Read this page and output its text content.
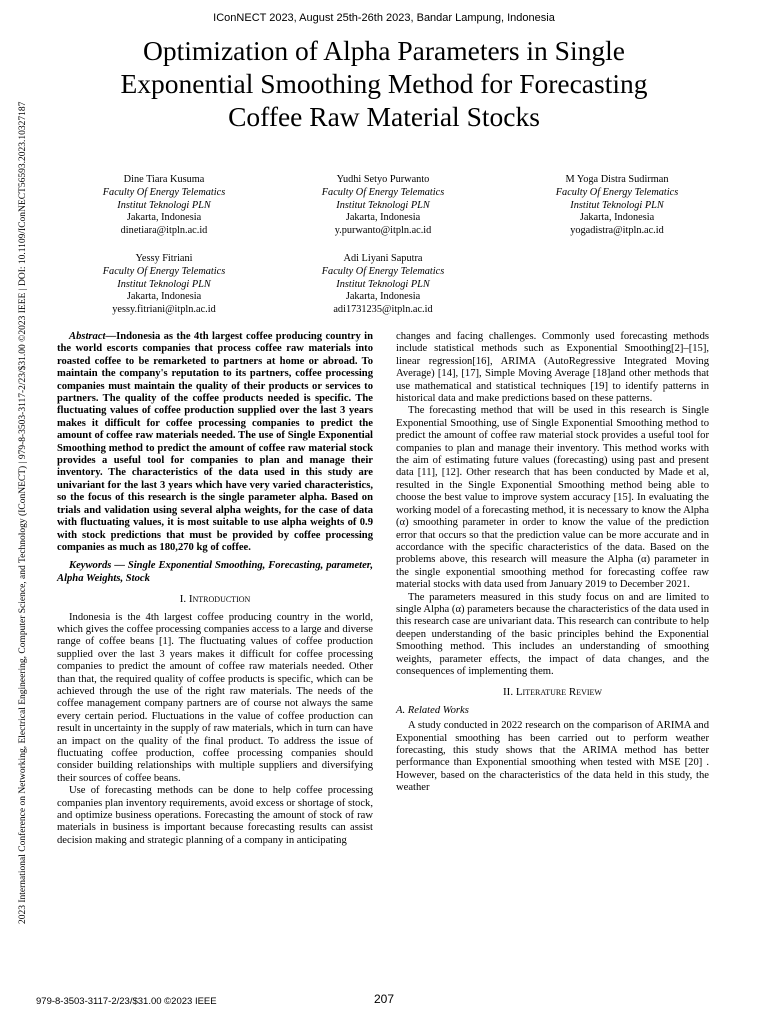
IConNECT 2023, August 25th-26th 2023, Bandar Lampung, Indonesia
Optimization of Alpha Parameters in Single
Exponential Smoothing Method for Forecasting
Coffee Raw Material Stocks
2023 International Conference on Networking, Electrical Engineering, Computer Science, and Technology (IConNECT) | 979-8-3503-3117-2/23/$31.00 ©2023 IEEE | DOI: 10.1109/IConNECT56593.2023.10327187	Dine Tiara Kusuma
Faculty Of Energy Telematics
Institut Teknologi PLN
Jakarta, Indonesia
dinetiara@itpln.ac.id
Yudhi Setyo Purwanto
Faculty Of Energy Telematics
Institut Teknologi PLN
Jakarta, Indonesia
y.purwanto@itpln.ac.id
M Yoga Distra Sudirman
Faculty Of Energy Telematics
Institut Teknologi PLN
Jakarta, Indonesia
yogadistra@itpln.ac.id
Yessy Fitriani
Faculty Of Energy Telematics
Institut Teknologi PLN
Jakarta, Indonesia
yessy.fitriani@itpln.ac.id
Adi Liyani Saputra
Faculty Of Energy Telematics
Institut Teknologi PLN
Jakarta, Indonesia
adi1731235@itpln.ac.id

Abstract—Indonesia as the 4th largest coffee producing country in the world escorts companies that process coffee raw materials into roasted coffee to be remarketed to partners at home or abroad. To maintain the company's reputation to its partners, coffee processing companies must maintain the quality of their products or services to partners. The quality of the coffee products needed is specific. The fluctuating values of coffee production supplied over the last 3 years makes it difficult for coffee processing companies to predict the amount of coffee raw materials needed. The use of Single Exponential Smoothing method to predict the amount of coffee raw material stock provides a useful tool for companies to plan and manage their inventory. The characteristics of the data used in this study are univariant for the last 3 years which have very varied characteristics, so the focus of this research is the single parameter alpha. Based on trials and validation using several alpha weights, for the case of data with fluctuating values, it is most suitable to use alpha weights of 0.9 with stock predictions that must be provided by coffee processing companies as much as 180,270 kg of coffee.

Keywords — Single Exponential Smoothing, Forecasting, parameter, Alpha Weights, Stock

I. Introduction

Indonesia is the 4th largest coffee producing country in the world, which gives the coffee processing companies access to a large and diverse range of coffee beans [1]. The fluctuating values of coffee production supplied over the last 3 years makes it difficult for coffee processing companies to predict the amount of coffee raw materials needed. Other than that, the required quality of coffee products is specific, which can be achieved through the use of the right raw materials. The needs of the coffee management company partners are of course not always the same every certain period. Fluctuations in the value of coffee production can result in uncertainty in the supply of raw materials, which in turn can have an impact on the quality of the final product. To address the issue of fluctuating coffee production, coffee processing companies should consider building relationships with multiple suppliers and diversifying their sources of coffee beans.

Use of forecasting methods can be done to help coffee processing companies plan inventory requirements, avoid excess or shortage of stock, and optimize business operations. Forecasting the amount of stock of raw materials in business is important because forecasting results can assist decision making and strategic planning of a company in anticipating

changes and facing challenges. Commonly used forecasting methods include statistical methods such as Exponential Smoothing[2]–[15], linear regression[16], ARIMA (AutoRegressive Integrated Moving Average) [14], [17], Simple Moving Average [18]and other methods that use mathematical and statistical techniques [19] to identify patterns in historical data and make predictions based on these patterns.

The forecasting method that will be used in this research is Single Exponential Smoothing, use of Single Exponential Smoothing method to predict the amount of coffee raw material stock provides a useful tool for companies to plan and manage their inventory. This method works with the aim of estimating future values (forecasting) using past and present data [11], [12]. Other research that has been conducted by Made et al, resulted in the Single Exponential Smoothing method being able to choose the best value to improve system accuracy [15]. In evaluating the working model of a forecasting method, it is necessary to know the Alpha (α) smoothing parameter in order to know the value of the prediction error that occurs so that the prediction value can be more accurate and in accordance with the specific characteristics of the data. Based on the problems above, this research will measure the Alpha (α) parameter in the single exponential smoothing method for forecasting coffee raw material stocks with data used from January 2019 to December 2021.

The parameters measured in this study focus on and are limited to single Alpha (α) parameters because the characteristics of the data used in this research case are univariant data. This research can contribute to help deepen understanding of the basic principles behind the Exponential Smoothing method. This includes an understanding of smoothing weights, parameter effects, the impact of data changes, and the consequences of implementing them.

II. Literature Review

A. Related Works

A study conducted in 2022 research on the comparison of ARIMA and Exponential smoothing has been carried out to perform weather forecasting, this study shows that the ARIMA method has better performance than Exponential smoothing when tested with MSE [20] . However, based on the characteristics of the data held in this study, the weather

979-8-3503-3117-2/23/$31.00 ©2023 IEEE	207
